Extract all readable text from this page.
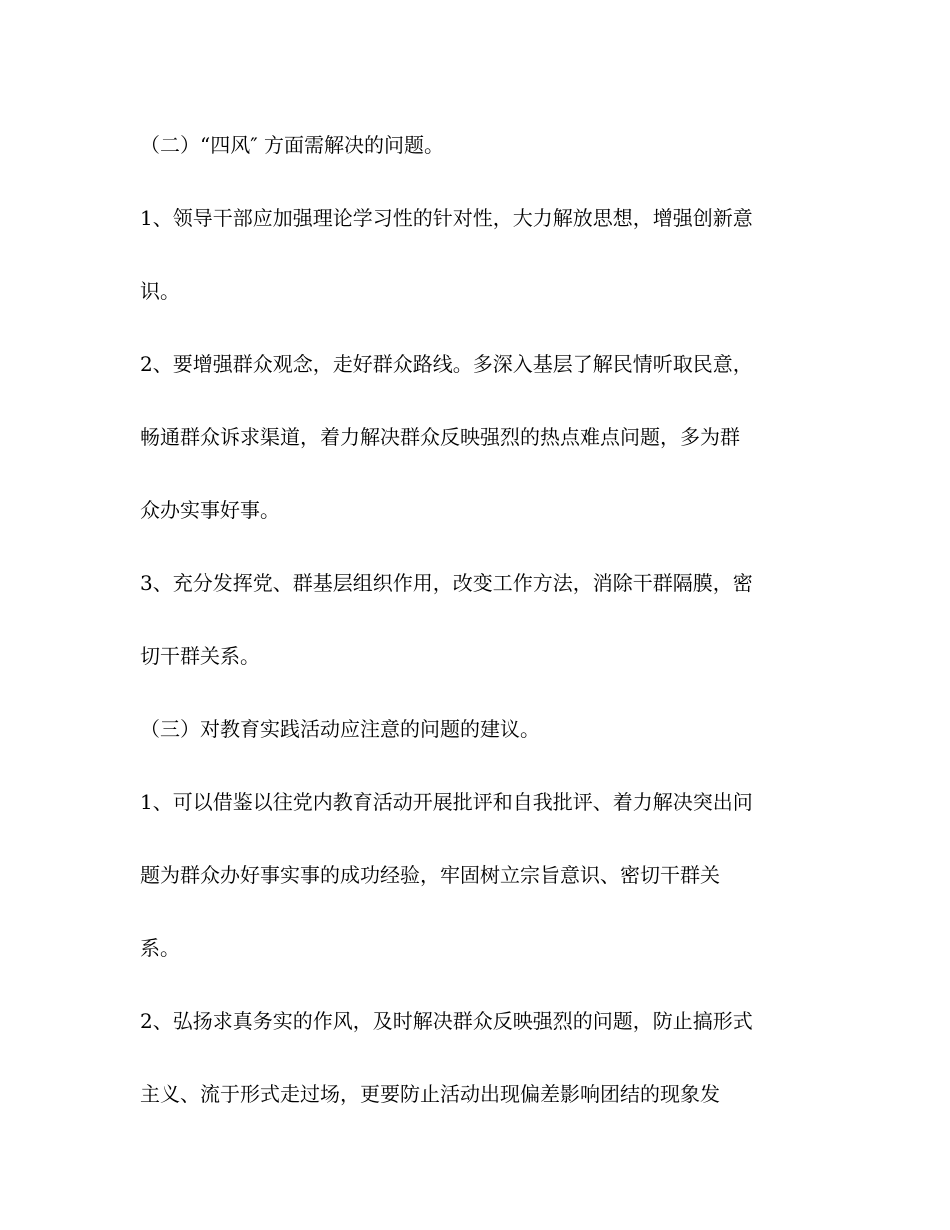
（二）“四风″ 方面需解决的问题。
1、领导干部应加强理论学习性的针对性，大力解放思想，增强创新意
识。
2、要增强群众观念，走好群众路线。多深入基层了解民情听取民意，
畅通群众诉求渠道，着力解决群众反映强烈的热点难点问题，多为群
众办实事好事。
3、充分发挥党、群基层组织作用，改变工作方法，消除干群隔膜，密
切干群关系。
（三）对教育实践活动应注意的问题的建议。
1、可以借鉴以往党内教育活动开展批评和自我批评、着力解决突出问
题为群众办好事实事的成功经验，牢固树立宗旨意识、密切干群关
系。
2、弘扬求真务实的作风，及时解决群众反映强烈的问题，防止搞形式
主义、流于形式走过场，更要防止活动出现偏差影响团结的现象发
